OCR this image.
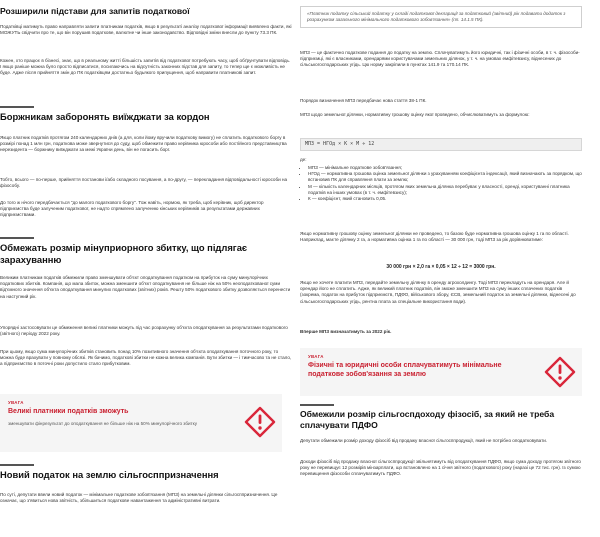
Розширили підстави для запитів податкової

Податківці матимуть право направляти запити платникам податків, якщо в результаті аналізу податкової інформації виявлено факти, які МОЖУТЬ свідчити про те, що він порушив податкове, валютне чи інше законодавство. Відповідні зміни внесли до пункту 73.3 ПК.

Кожен, хто працює в бізнесі, знає, що в реальному житті більшість запитів від податкової потребують часу, щоб обґрунтувати відповідь. І якщо раніше можна було просто відписатися, посилаючись на відсутність законних підстав для запиту, то тепер ще є можливість не буде. Адже після прийняття змін до ПК податківцям достатньо будьякого припущення, щоб направити платникові запит.

Боржникам заборонять виїжджати за кордон

Якщо платник податків протягом 240 календарних днів (а для, коли йому вручили податкову вимогу) не сплатить податкового боргу в розмірі понад 1 млн грн, податкова може звернутися до суду, щоб обмежити право керівника юрособи або постійного представництва нерезидента — боржнику виїжджати за межі України день, він не погасить борг.

Тобто, всього — по-перше, прийняття постанови і/або складного посування, а по-другу, — перекладання відповідальності юрособи на фізособу.

До того ж нічого передбачається "до малого податкового боргу". Тож навіть, нормою, як треба, щоб керівник, щоб директор підприємства буде залученим податкової, не надто спрямлено залученню кінських керівників за результатами державних підприємствами.

Обмежать розмір мінуприорного збитку, що підлягає зарахуванню

Великим платникам податків обмежили право зменшувати об'єкт оподаткування податком на прибуток на суму минулорічних податкових збитків. Компанія, що мала збиток, можна зменшити об'єкт оподаткування не більше ніж на 50% неоподаткованої суми від'ємного значення об'єкта оподаткування минулих податкових (звітних) років. Решту 50% податкового збитку дозволяється перенести на наступний рік.

Упорядні застосовувати це обмеження великі платники можуть під час розрахунку об'єкта оподаткування за результатами податкового (звітного) періоду 2022 року.

При цьому, якщо сума минулорічних збитків становить понад 10% позитивного значення об'єкта оподаткування поточного року, то можна буде врахувати у повному обсязі. Як бачимо, податкові збитки не кожна велика компанія. Бути збитки — і тимчасово та не стало, а підприємство в поточні роки допустило стало прибутковим.

УВАГА
Великі платники податків зможуть
зменшувати фінрезультат до оподаткування не більше ніж на 50% минулорічного збитку
Новий податок на землю сільгосппризначення

По суті, депутати ввели новий податок — мінімальне податкове зобов'язання (МПЗ) на земельні ділянки сільгосппризначення. Це означає, що з'явиться нова звітність, збільшиться податкове навантаження та адміністративні витрати.

«Платник податку сільський податку у складі податкової декларації за податковий (звітний) рік подавати додаток з розрахунком загального мінімального податкового зобов'язання» (пп. 14.1.5 ПК).

МПЗ — це фактично податкове подання до податку на землю. Сплачуватимуть його юридичні, так і фізичні особи, в т. ч. фізособи-підприємці, які є власниками, орендарями користувачами земельних ділянок, у т. ч. на умовах емфітевзису, віднесених до сільськогосподарських угідь. Цю норму закріпили в пунктах 141.9 та 170.14 ПК.

Порядок визначення МПЗ передбачає нова стаття 38-1 ПК.

МПЗ щодо земельної ділянки, нормативну грошову оцінку якої проведено, обчислюватимуть за формулою:

МПЗ = НГОд × К × М ÷ 12

де:

• МПЗ — мінімальне податкове зобов'язання;
• НГОд — нормативна грошова оцінка земельної ділянки з урахуванням коефіцієнта індексації, який визначають за порядком, що встановив ПК для справляння плати за землю;
• М — кількість календарних місяців, протягом яких земельна ділянка перебуває у власності, оренді, користуванні платника податків на інших умовах (в т. ч. емфітевзису);
• К — коефіцієнт, який становить 0,05.

Якщо нормативну грошову оцінку земельної ділянки не проведено, то базою буде нормативна грошова оцінку 1 га по області. Наприклад, маєте ділянку 2 га, а нормативна оцінка 1 га по області — 30 000 грн, тоді МПЗ за рік дорівнюватиме:

30 000 грн × 2,0 га × 0,05 × 12 ÷ 12 = 3000 грн.

Якщо не хочете платити МПЗ, передайте земельну ділянку в оренду агрохолдингу. Тоді МПЗ перекладуть на орендаря. Але й орендар його не сплатить. Адже, як великий платник податків, він зможе зменшити МПЗ на суму інших сплачених податків (зокрема, податок на прибуток підприємств, ПДФО, військового збору, ЄСВ, земельний податок за земельні ділянки, віднесені до сільськогосподарських угідь, рентна плата за спеціальне використання води).

Вперше МПЗ визначатимуть за 2022 рік.

УВАГА
Фізичні та юридичні особи сплачуватимуть мінімальне податкове зобов'язання за землю
Обмежили розмір сільгоспдоходу фізосіб, за який не треба сплачувати ПДФО

Депутати обмежили розмір доходу фізосіб від продажу власної сільгосппродукції, який не потрібно оподатковувати.

Доходи фізосіб від продажу власної сільгосппродукції звільнятимуть від оподаткування ПДФО, якщо сума доходу протягом звітного року не перевищує 12 розмірів мінзарплати, що встановлено на 1 січня звітного (податкового) року (наразі це 72 тис. грн). Із сумою перевищення фізособи сплачуватимуть ПДФО.
